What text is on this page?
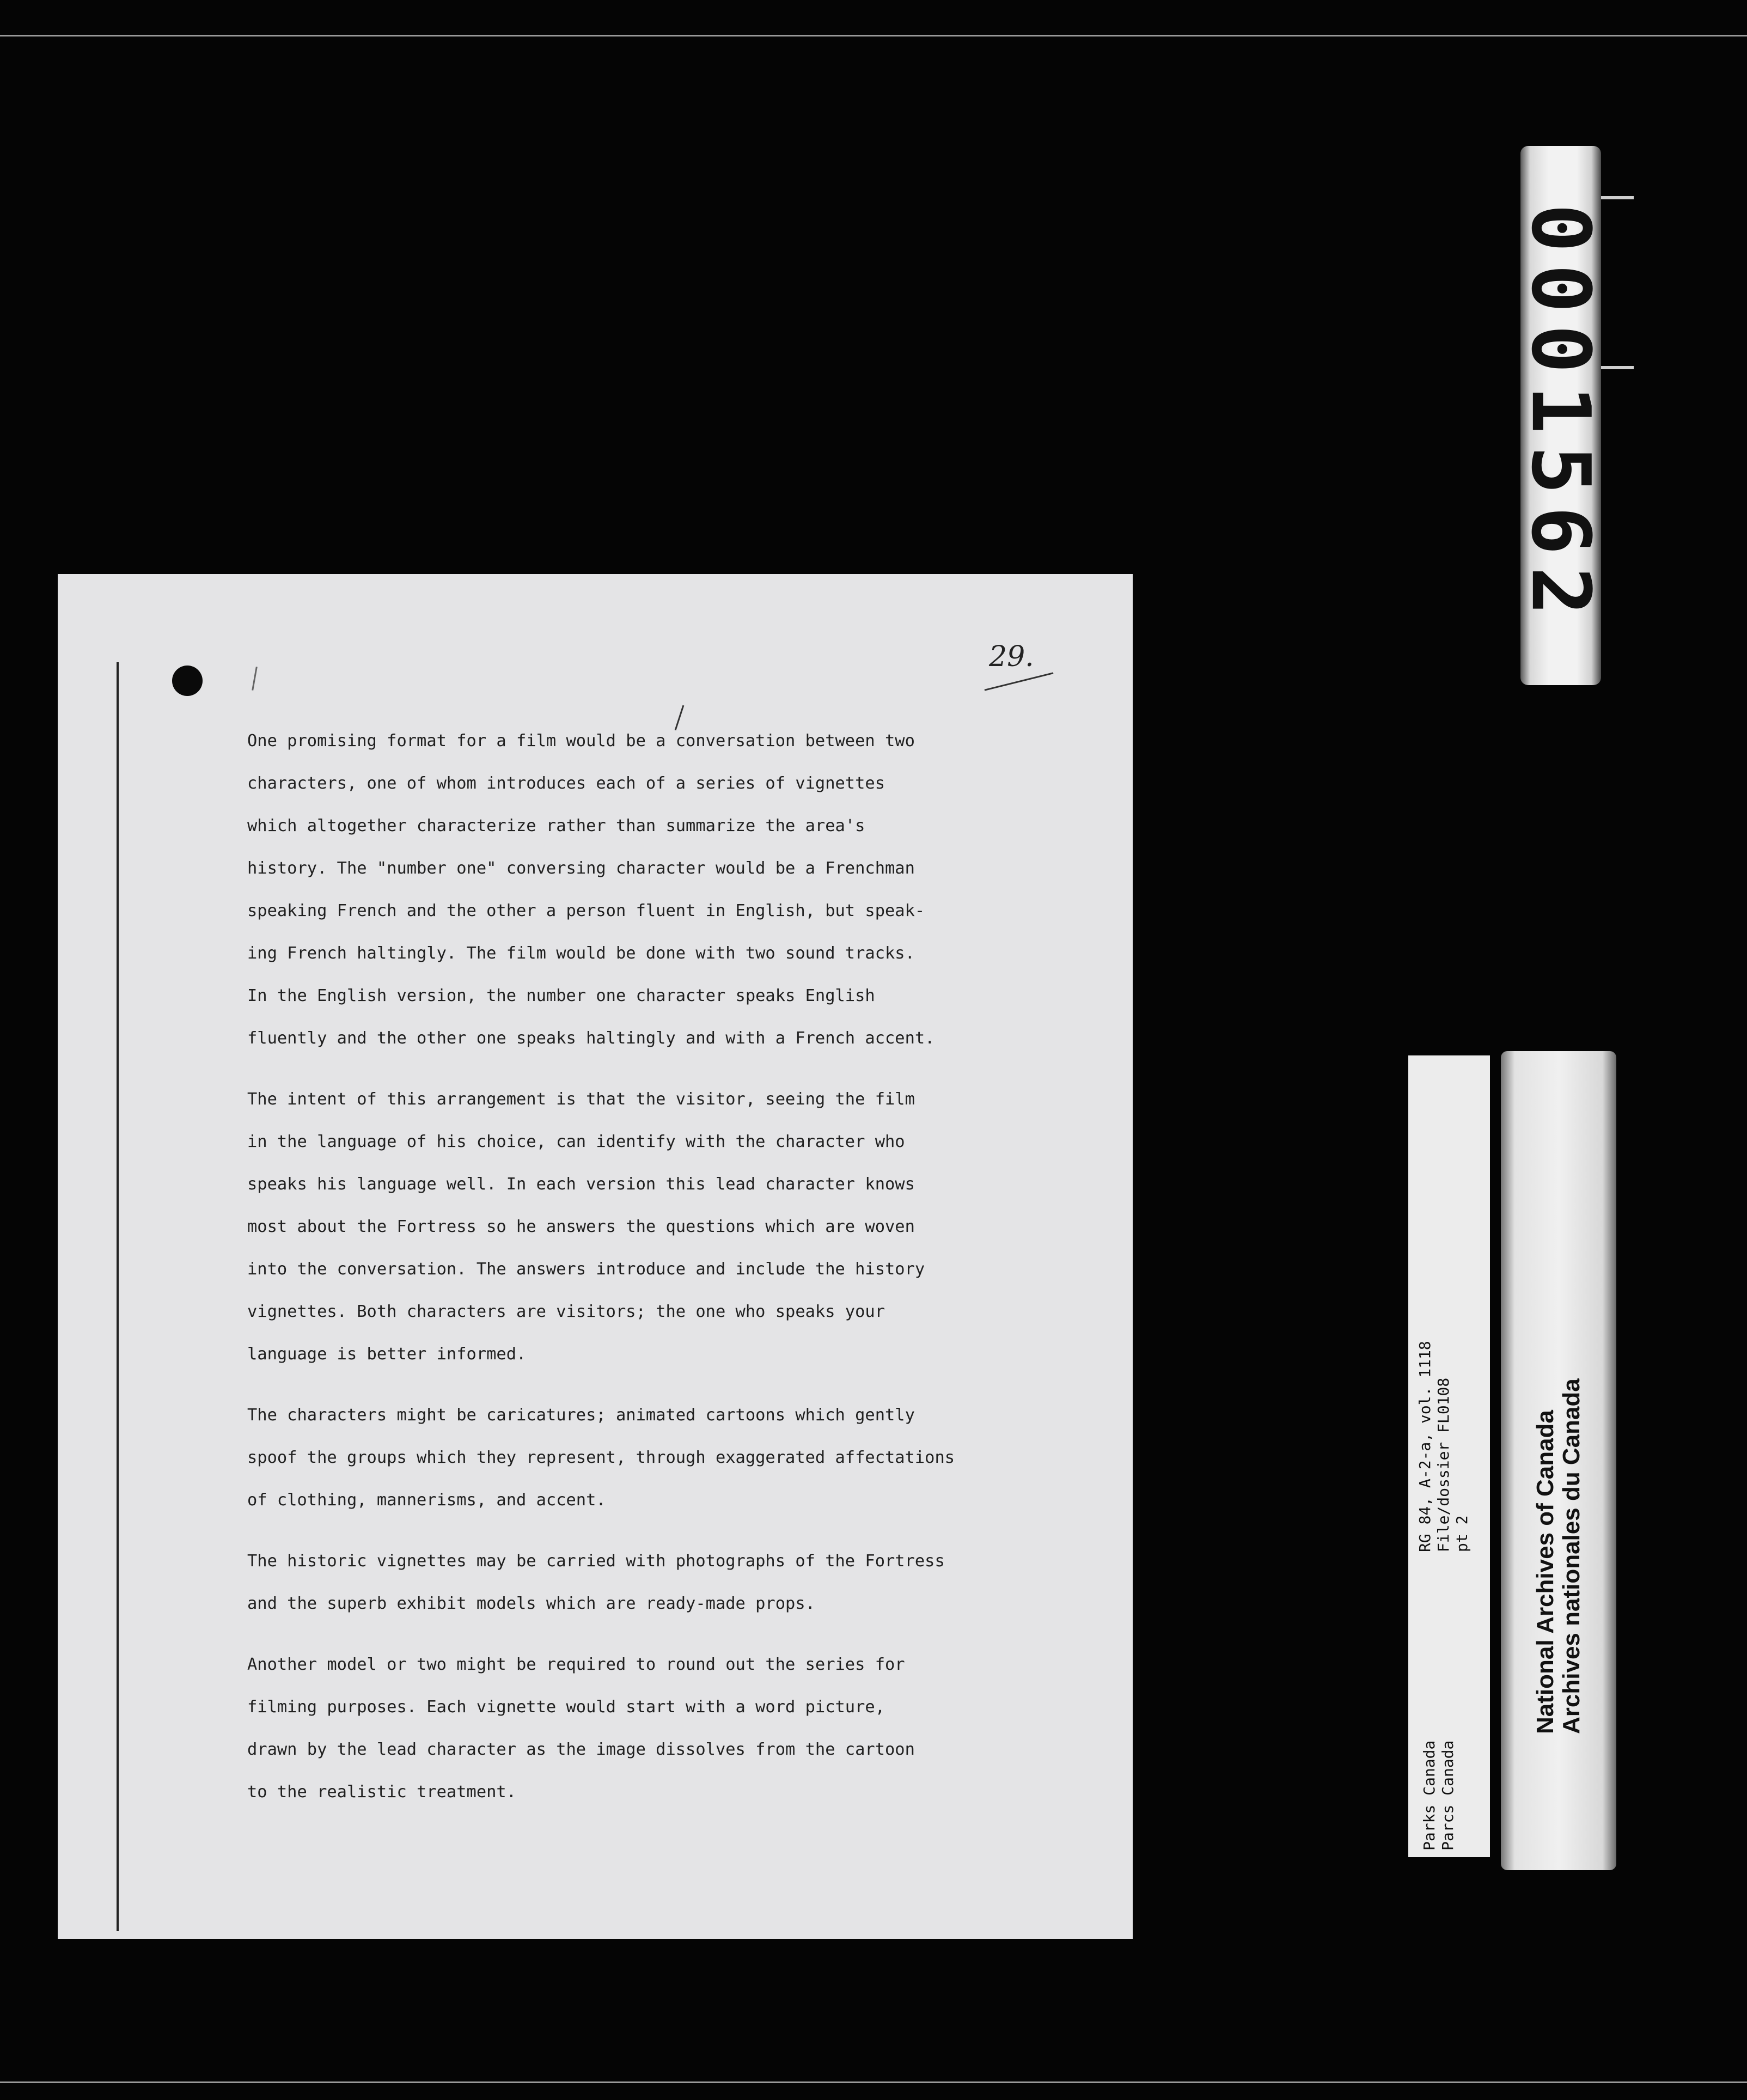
0001562
29.
One promising format for a film would be a conversation between two
characters, one of whom introduces each of a series of vignettes
which altogether characterize rather than summarize the area's
history. The "number one" conversing character would be a Frenchman
speaking French and the other a person fluent in English, but speak-
ing French haltingly. The film would be done with two sound tracks.
In the English version, the number one character speaks English
fluently and the other one speaks haltingly and with a French accent.
The intent of this arrangement is that the visitor, seeing the film
in the language of his choice, can identify with the character who
speaks his language well. In each version this lead character knows
most about the Fortress so he answers the questions which are woven
into the conversation. The answers introduce and include the history
vignettes. Both characters are visitors; the one who speaks your
language is better informed.
The characters might be caricatures; animated cartoons which gently
spoof the groups which they represent, through exaggerated affectations
of clothing, mannerisms, and accent.
The historic vignettes may be carried with photographs of the Fortress
and the superb exhibit models which are ready-made props.
Another model or two might be required to round out the series for
filming purposes. Each vignette would start with a word picture,
drawn by the lead character as the image dissolves from the cartoon
to the realistic treatment.	Parks Canada Parcs Canada
RG 84, A-2-a, vol. 1118 File/dossier FL0108 pt 2	National Archives of Canada Archives nationales du Canada
